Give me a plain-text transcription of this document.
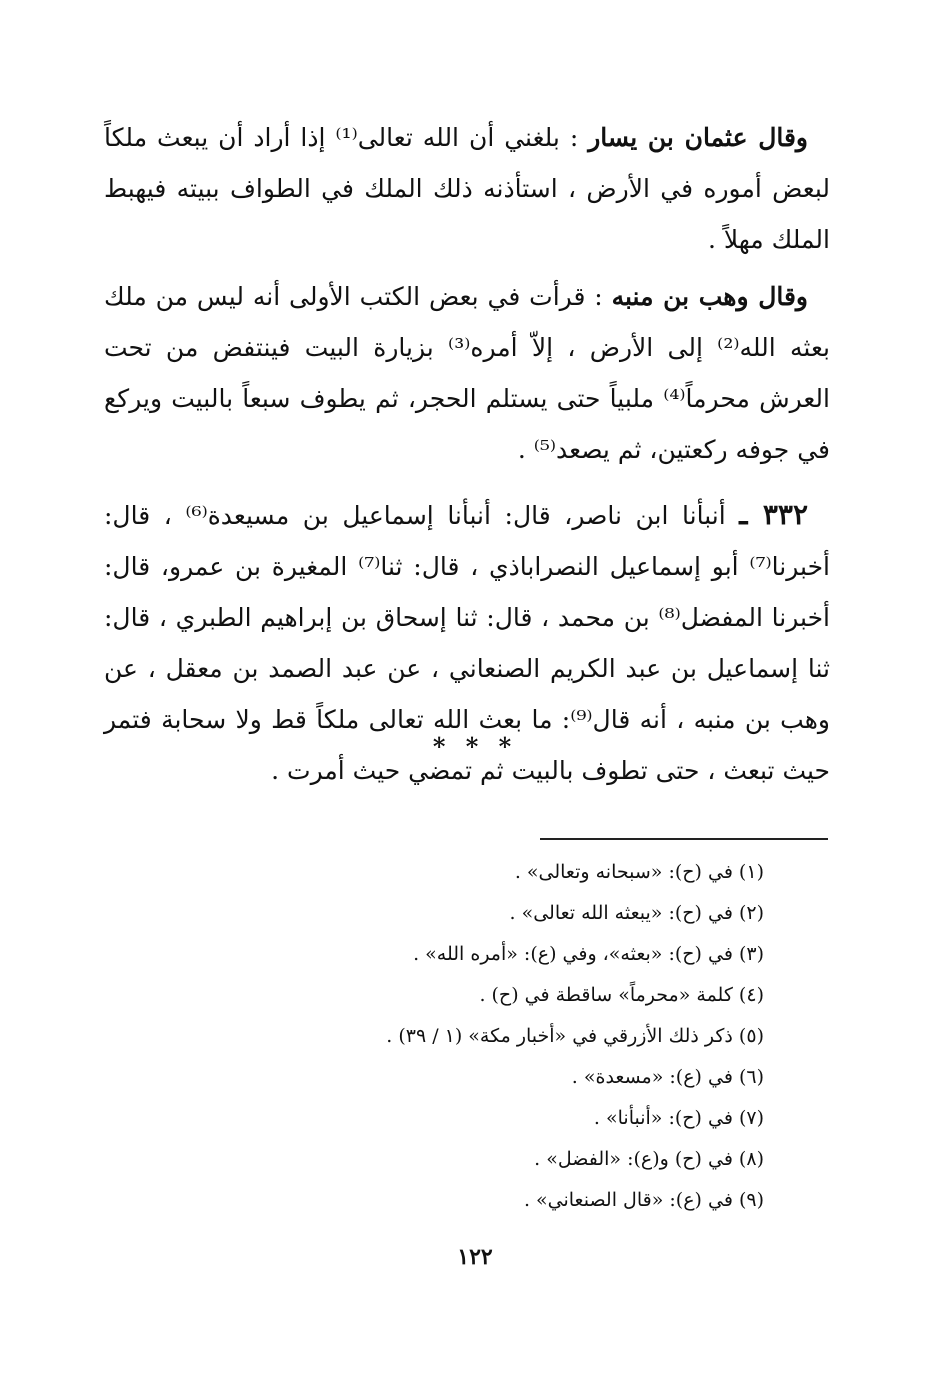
وقال عثمان بن يسار : بلغني أن الله تعالى⁽¹⁾ إذا أراد أن يبعث ملكاً لبعض أموره في الأرض ، استأذنه ذلك الملك في الطواف ببيته فيهبط الملك مهلاً .

وقال وهب بن منبه : قرأت في بعض الكتب الأولى أنه ليس من ملك بعثه الله⁽²⁾ إلى الأرض ، إلاّ أمره⁽³⁾ بزيارة البيت فينتفض من تحت العرش محرماً⁽⁴⁾ ملبياً حتى يستلم الحجر، ثم يطوف سبعاً بالبيت ويركع في جوفه ركعتين، ثم يصعد⁽⁵⁾ .

٣٣٢ ـ أنبأنا ابن ناصر، قال: أنبأنا إسماعيل بن مسيعدة⁽⁶⁾ ، قال: أخبرنا⁽⁷⁾ أبو إسماعيل النصراباذي ، قال: ثنا⁽⁷⁾ المغيرة بن عمرو، قال: أخبرنا المفضل⁽⁸⁾ بن محمد ، قال: ثنا إسحاق بن إبراهيم الطبري ، قال: ثنا إسماعيل بن عبد الكريم الصنعاني ، عن عبد الصمد بن معقل ، عن وهب بن منبه ، أنه قال⁽⁹⁾: ما بعث الله تعالى ملكاً قط ولا سحابة فتمر حيث تبعث ، حتى تطوف بالبيت ثم تمضي حيث أمرت .

* * *
(١) في (ح): «سبحانه وتعالى» .
(٢) في (ح): «يبعثه الله تعالى» .
(٣) في (ح): «بعثه»، وفي (ع): «أمره الله» .
(٤) كلمة «محرماً» ساقطة في (ح) .
(٥) ذكر ذلك الأزرقي في «أخبار مكة» (١ / ٣٩) .
(٦) في (ع): «مسعدة» .
(٧) في (ح): «أنبأنا» .
(٨) في (ح) و(ع): «الفضل» .
(٩) في (ع): «قال الصنعاني» .
١٢٢
